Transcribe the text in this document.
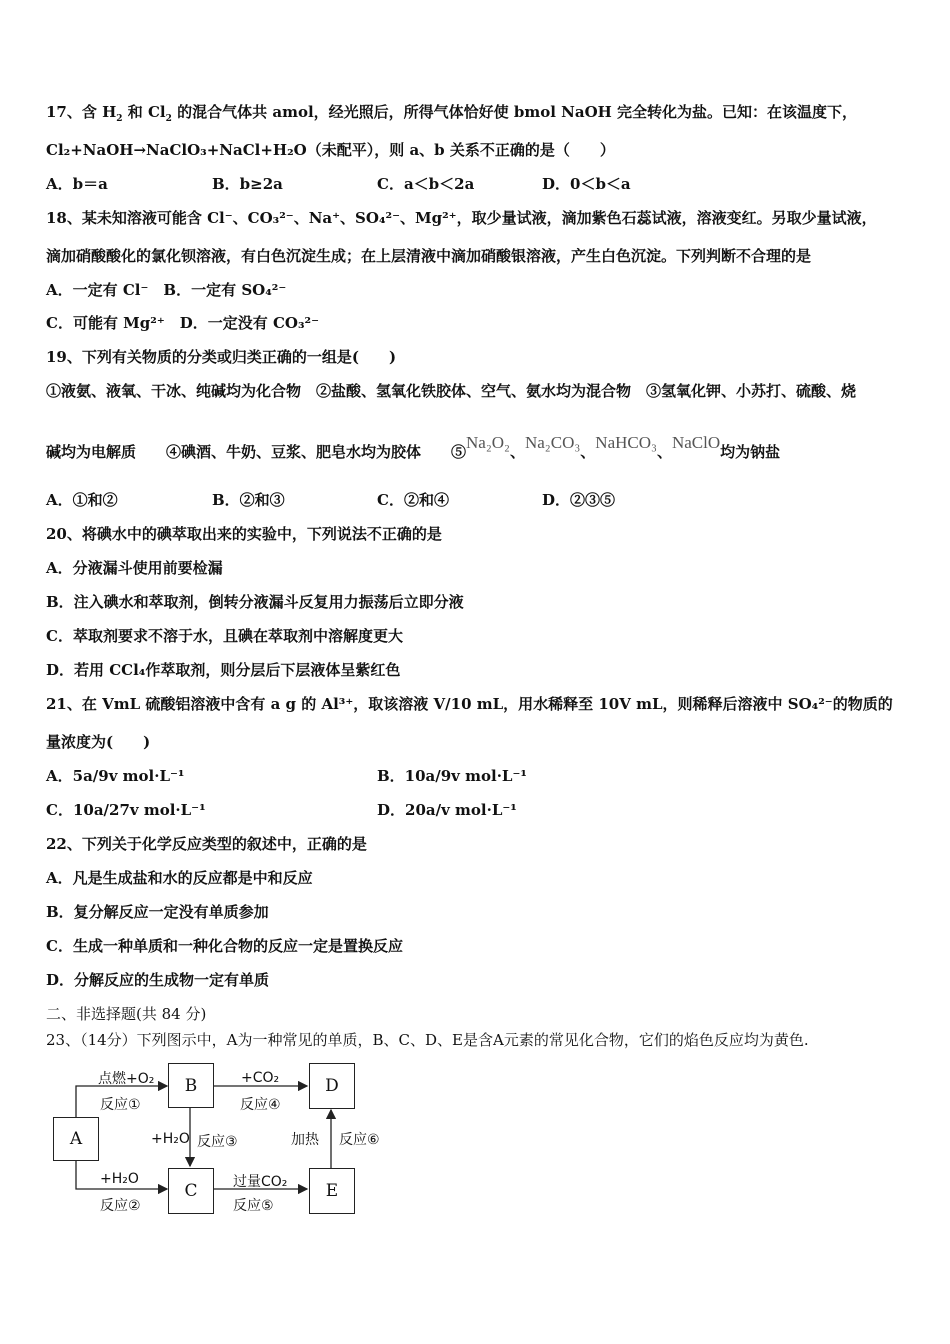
17、含 $H_2$ 和 $Cl_2$ 的混合气体共 amol，经光照后，所得气体恰好使 bmol NaOH 完全转化为盐。已知：在该温度下，
Cl₂+NaOH→NaClO₃+NaCl+H₂O（未配平），则 a、b 关系不正确的是（　　）
A．b＝a	B．b≥2a	C．a＜b＜2a	D．0＜b＜a
18、某未知溶液可能含 Cl⁻、CO₃²⁻、Na⁺、SO₄²⁻、Mg²⁺，取少量试液，滴加紫色石蕊试液，溶液变红。另取少量试液，
滴加硝酸酸化的氯化钡溶液，有白色沉淀生成；在上层清液中滴加硝酸银溶液，产生白色沉淀。下列判断不合理的是
A．一定有 Cl⁻　B．一定有 SO₄²⁻
C．可能有 Mg²⁺　D．一定没有 CO₃²⁻
19、下列有关物质的分类或归类正确的一组是(　　)
①液氨、液氧、干冰、纯碱均为化合物　②盐酸、氢氧化铁胶体、空气、氨水均为混合物　③氢氧化钾、小苏打、硫酸、烧
碱均为电解质　　④碘酒、牛奶、豆浆、肥皂水均为胶体　　⑤Na₂O₂、Na₂CO₃、NaHCO₃、NaClO均为钠盐
A．①和②	B．②和③	C．②和④	D．②③⑤
20、将碘水中的碘萃取出来的实验中，下列说法不正确的是
A．分液漏斗使用前要检漏
B．注入碘水和萃取剂，倒转分液漏斗反复用力振荡后立即分液
C．萃取剂要求不溶于水，且碘在萃取剂中溶解度更大
D．若用 CCl₄作萃取剂，则分层后下层液体呈紫红色
21、在 VmL 硫酸铝溶液中含有 a g 的 Al³⁺，取该溶液 V/10 mL，用水稀释至 10V mL，则稀释后溶液中 SO₄²⁻的物质的
量浓度为(　　)
A．5a/9v mol·L⁻¹	B．10a/9v mol·L⁻¹
C．10a/27v mol·L⁻¹	D．20a/v mol·L⁻¹
22、下列关于化学反应类型的叙述中，正确的是
A．凡是生成盐和水的反应都是中和反应
B．复分解反应一定没有单质参加
C．生成一种单质和一种化合物的反应一定是置换反应
D．分解反应的生成物一定有单质
二、非选择题(共 84 分)
23、（14分）下列图示中，A为一种常见的单质，B、C、D、E是含A元素的常见化合物，它们的焰色反应均为黄色.
A
B
C
D
E
点燃+O₂
反应①
+CO₂
反应④
+H₂O 反应③
+H₂O
反应②
过量CO₂
反应⑤
加热 反应⑥
